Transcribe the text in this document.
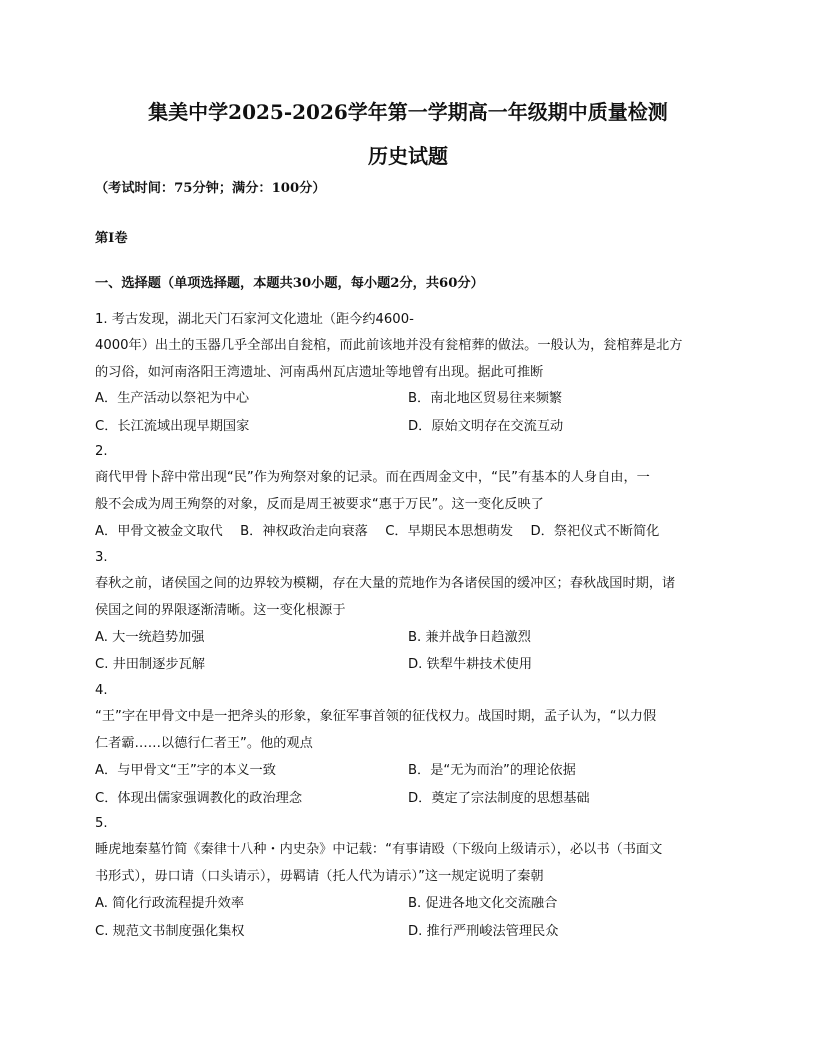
集美中学2025-2026学年第一学期高一年级期中质量检测
历史试题
（考试时间：75分钟；满分：100分）
第I卷
一、选择题（单项选择题，本题共30小题，每小题2分，共60分）
1. 考古发现，湖北天门石家河文化遗址（距今约4600-
4000年）出土的玉器几乎全部出自瓮棺，而此前该地并没有瓮棺葬的做法。一般认为，瓮棺葬是北方
的习俗，如河南洛阳王湾遗址、河南禹州瓦店遗址等地曾有出现。据此可推断
A．生产活动以祭祀为中心	B．南北地区贸易往来频繁
C．长江流域出现早期国家	D．原始文明存在交流互动
2.
商代甲骨卜辞中常出现“民”作为殉祭对象的记录。而在西周金文中，“民”有基本的人身自由，一
般不会成为周王殉祭的对象，反而是周王被要求“惠于万民”。这一变化反映了
A．甲骨文被金文取代　 B．神权政治走向衰落　 C．早期民本思想萌发　 D．祭祀仪式不断简化
3.
春秋之前，诸侯国之间的边界较为模糊，存在大量的荒地作为各诸侯国的缓冲区；春秋战国时期，诸
侯国之间的界限逐渐清晰。这一变化根源于
A. 大一统趋势加强	B. 兼并战争日趋激烈
C. 井田制逐步瓦解	D. 铁犁牛耕技术使用
4.
“王”字在甲骨文中是一把斧头的形象，象征军事首领的征伐权力。战国时期，孟子认为，“以力假
仁者霸……以德行仁者王”。他的观点
A．与甲骨文“王”字的本义一致	B．是“无为而治”的理论依据
C．体现出儒家强调教化的政治理念	D．奠定了宗法制度的思想基础
5.
睡虎地秦墓竹简《秦律十八种・内史杂》中记载：“有事请殴（下级向上级请示），必以书（书面文
书形式），毋口请（口头请示），毋羁请（托人代为请示）”这一规定说明了秦朝
A. 简化行政流程提升效率	B. 促进各地文化交流融合
C. 规范文书制度强化集权	D. 推行严刑峻法管理民众
